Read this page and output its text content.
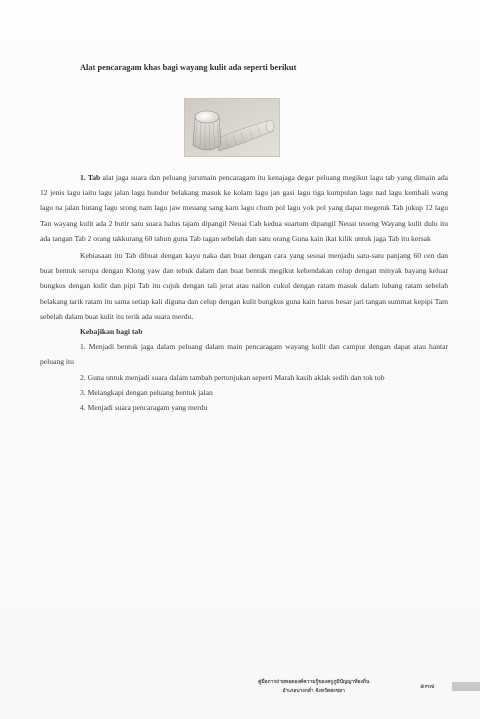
Alat pencaragam khas bagi wayang kulit ada seperti berikut

1. Tab alat jaga suara dan peluang jurumain pencaragam itu kenajaga degar peluang megikut lagu tab yang dimain ada 12 jenis lagu iaitu lagu jalan lagu hundur belakang masuk ke kolam lagu jan gasi lagu tiga kumpulan lagu nad lagu kembali wang lagu na jalan hutang lagu srong nam lagu jaw meuang sang karn lagu chum pol lagu yok pol yang dapat megetuk Tab jukup 12 lagu Tan wayang kulit ada 2 butir satu suara halus tajam dipangil Neuai Cab kedua suartum dipangil Neuai teueng Wayang kulit dulu itu ada tangan Tab 2 orang takkurang 60 tahun guna Tab tagan sebelah dan satu orang Guna kain ikat kilik untuk jaga Tab itu kersak

Kebiasaan itu Tab dibuat dengan kayu naka dan buat dengan cara yang sesuai menjadu satu-satu panjang 60 cen dan buat bentuk serupa dengan Klong yaw dan tebuk dalam dan buat bentuk megikut kehendakan celup dengan minyak bayang keluar bungkus dengan kulit dan pipi Tab itu cujuk dengan tali jerat atau nailon cukul dengan ratam masuk dalam lubang ratam sebelah belakang tarik ratam itu sama setiap kali diguna dan celup dengan kulit bungkus guna kain harus besar jari tangan summat kepipi Tam sebelah dalam buat kulit itu terik ada suara merdu.

Kebajikan bagi tab

1. Menjadi bentuk jaga dalam peluang dalam main pencaragam wayang kulit dan campur dengan dapat atau hantar peluang itu

2. Guna untuk menjadi suara dalam tambah pertunjukan seperti Marah kasih aklak sedih dan tok tob

3. Melangkapi dengan peluang bentuk jalan

4. Menjadi suara pencaragam yang merdu

คู่มือการถ่ายทอดองค์ความรู้ของครูภูมิปัญญาท้องถิ่น
อำเภอบางกล่ำ จังหวัดสงขลา
๑๓๗
